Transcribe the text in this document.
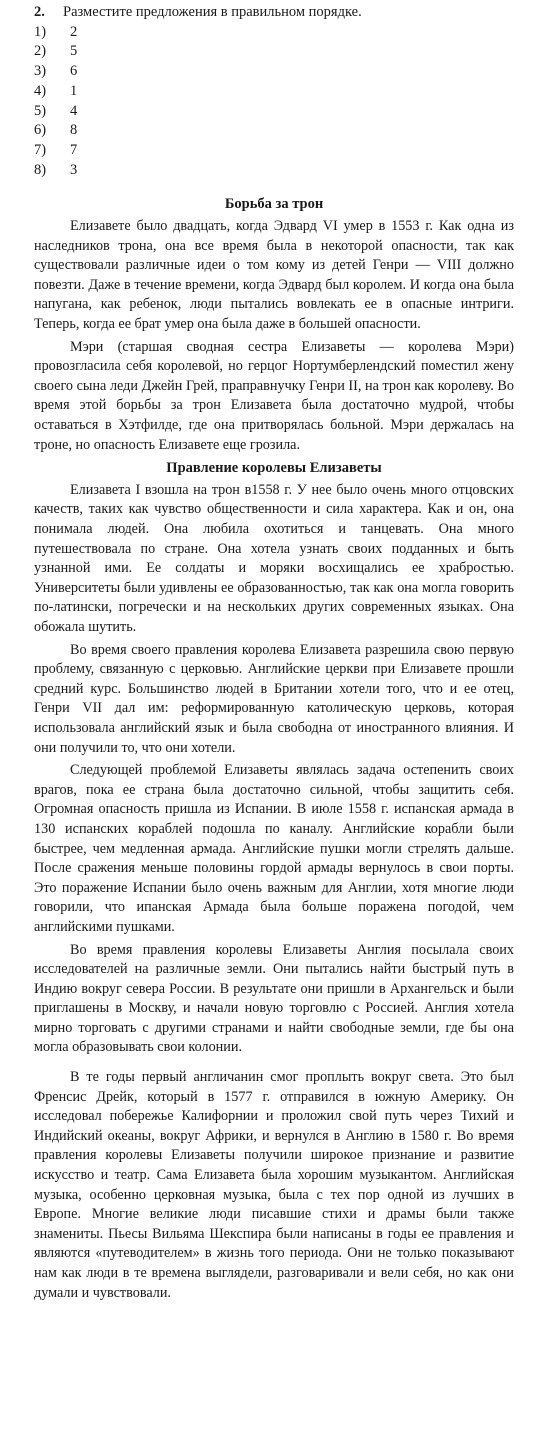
2.	Разместите предложения в правильном порядке.
1)	2
2)	5
3)	6
4)	1
5)	4
6)	8
7)	7
8)	3
Борьба за трон

Елизавете было двадцать, когда Эдвард VI умер в 1553 г. Как одна из наследников трона, она все время была в некоторой опасности, так как существовали различные идеи о том кому из детей Генри — VIII должно повезти. Даже в течение времени, когда Эдвард был королем. И когда она была напугана, как ребенок, люди пытались вовлекать ее в опасные интриги. Теперь, когда ее брат умер она была даже в большей опасности.

Мэри (старшая сводная сестра Елизаветы — королева Мэри) провозгласила себя королевой, но герцог Нортумберлендский поместил жену своего сына леди Джейн Грей, праправнучку Генри II, на трон как королеву. Во время этой борьбы за трон Елизавета была достаточно мудрой, чтобы оставаться в Хэтфилде, где она притворялась больной. Мэри держалась на троне, но опасность Елизавете еще грозила.

Правление королевы Елизаветы

Елизавета I взошла на трон в1558 г. У нее было очень много отцовских качеств, таких как чувство общественности и сила характера. Как и он, она понимала людей. Она любила охотиться и танцевать. Она много путешествовала по стране. Она хотела узнать своих подданных и быть узнанной ими. Ее солдаты и моряки восхищались ее храбростью. Университеты были удивлены ее образованностью, так как она могла говорить по-латински, погречески и на нескольких других современных языках. Она обожала шутить.

Во время своего правления королева Елизавета разрешила свою первую проблему, связанную с церковью. Английские церкви при Елизавете прошли средний курс. Большинство людей в Британии хотели того, что и ее отец, Генри VII дал им: реформированную католическую церковь, которая использовала английский язык и была свободна от иностранного влияния. И они получили то, что они хотели.

Следующей проблемой Елизаветы являлась задача остепенить своих врагов, пока ее страна была достаточно сильной, чтобы защитить себя. Огромная опасность пришла из Испании. В июле 1558 г. испанская армада в 130 испанских кораблей подошла по каналу. Английские корабли были быстрее, чем медленная армада. Английские пушки могли стрелять дальше. После сражения меньше половины гордой армады вернулось в свои порты. Это поражение Испании было очень важным для Англии, хотя многие люди говорили, что ипанская Армада была больше поражена погодой, чем английскими пушками.

Во время правления королевы Елизаветы Англия посылала своих исследователей на различные земли. Они пытались найти быстрый путь в Индию вокруг севера России. В результате они пришли в Архангельск и были приглашены в Москву, и начали новую торговлю с Россией. Англия хотела мирно торговать с другими странами и найти свободные земли, где бы она могла образовывать свои колонии.

В те годы первый англичанин смог проплыть вокруг света. Это был Френсис Дрейк, который в 1577 г. отправился в южную Америку. Он исследовал побережье Калифорнии и проложил свой путь через Тихий и Индийский океаны, вокруг Африки, и вернулся в Англию в 1580 г. Во время правления королевы Елизаветы получили широкое признание и развитие искусство и театр. Сама Елизавета была хорошим музыкантом. Английская музыка, особенно церковная музыка, была с тех пор одной из лучших в Европе. Многие великие люди писавшие стихи и драмы были также знамениты. Пьесы Вильяма Шекспира были написаны в годы ее правления и являются «путеводителем» в жизнь того периода. Они не только показывают нам как люди в те времена выглядели, разговаривали и вели себя, но как они думали и чувствовали.
